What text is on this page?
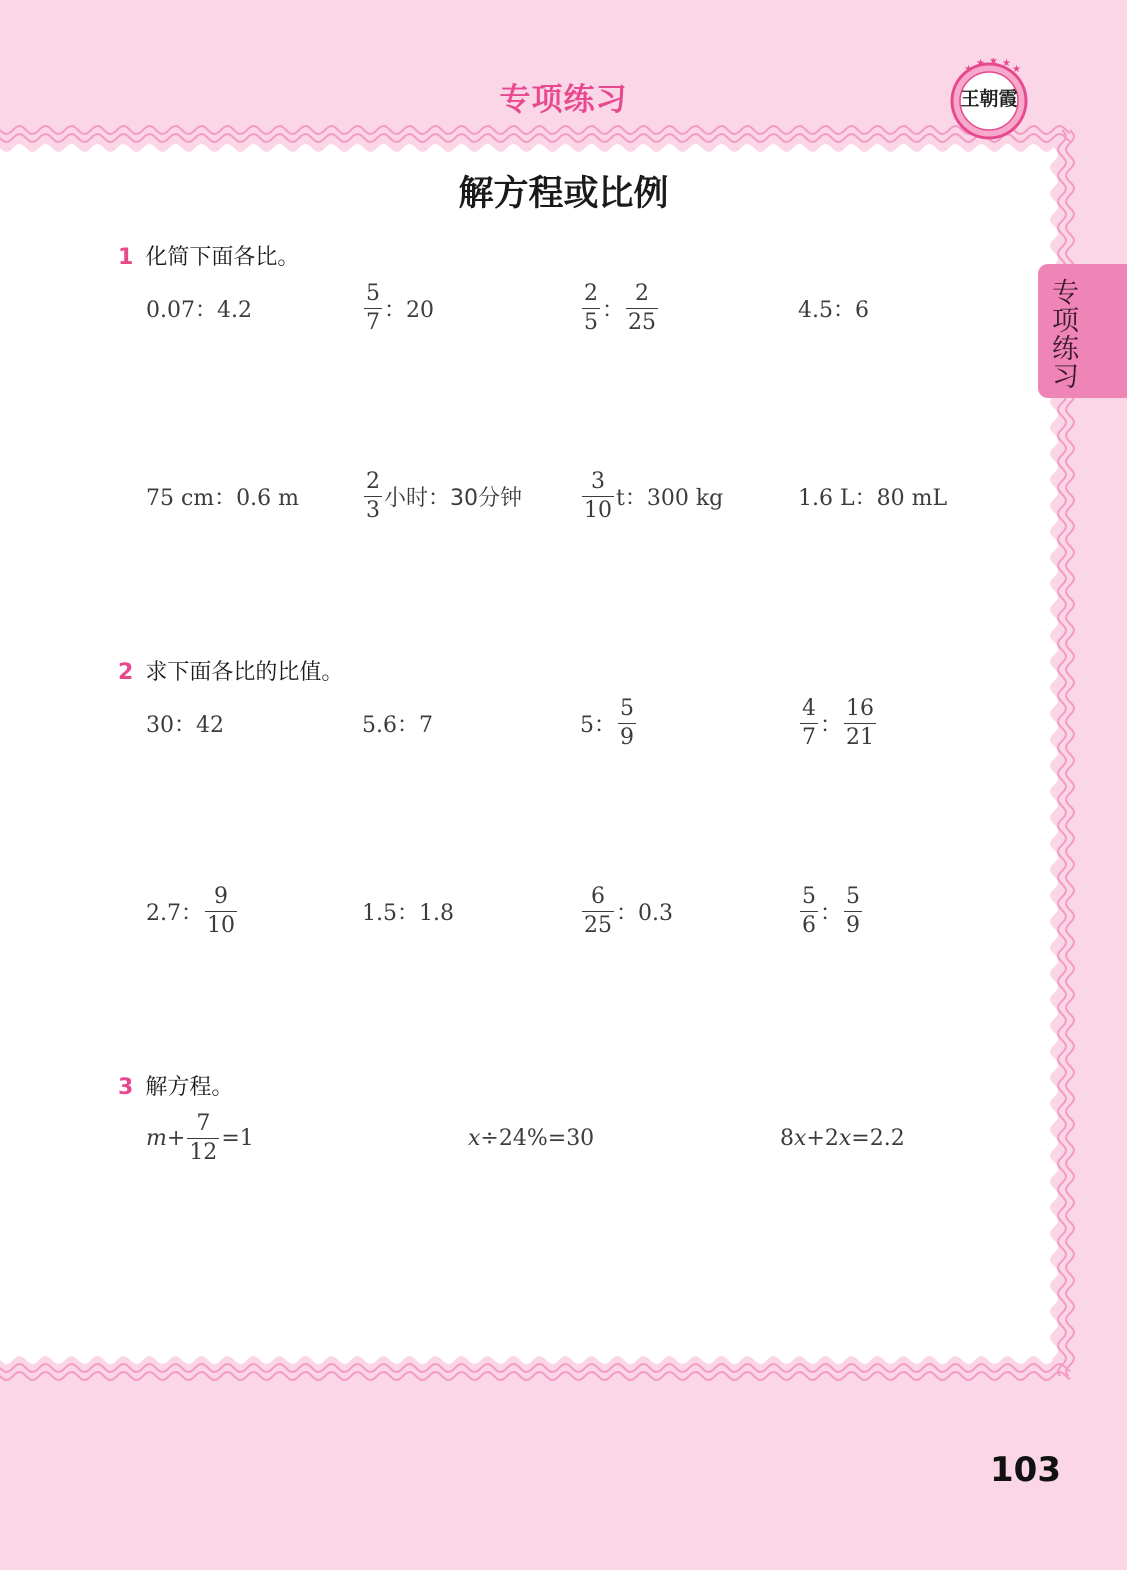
专项练习
★
★ ★ ★
★
王朝霞
专项练习
解方程或比例
1 化简下面各比。
0.07：4.2	$\frac{5}{7}$ ：20	$\frac{2}{5}$ ： $\frac{2}{25}$	4.5：6
75 cm：0.6 m	$\frac{2}{3}$ 小时：30分钟	$\frac{3}{10}$ t：300 kg	1.6 L：80 mL
2 求下面各比的比值。
30：42	5.6：7	5： $\frac{5}{9}$	$\frac{4}{7}$ ： $\frac{16}{21}$
2.7： $\frac{9}{10}$	1.5：1.8	$\frac{6}{25}$ ：0.3	$\frac{5}{6}$ ： $\frac{5}{9}$
3 解方程。
$m + \frac{7}{12} =1$	x ÷24%=30	8 x +2 x =2.2
103
